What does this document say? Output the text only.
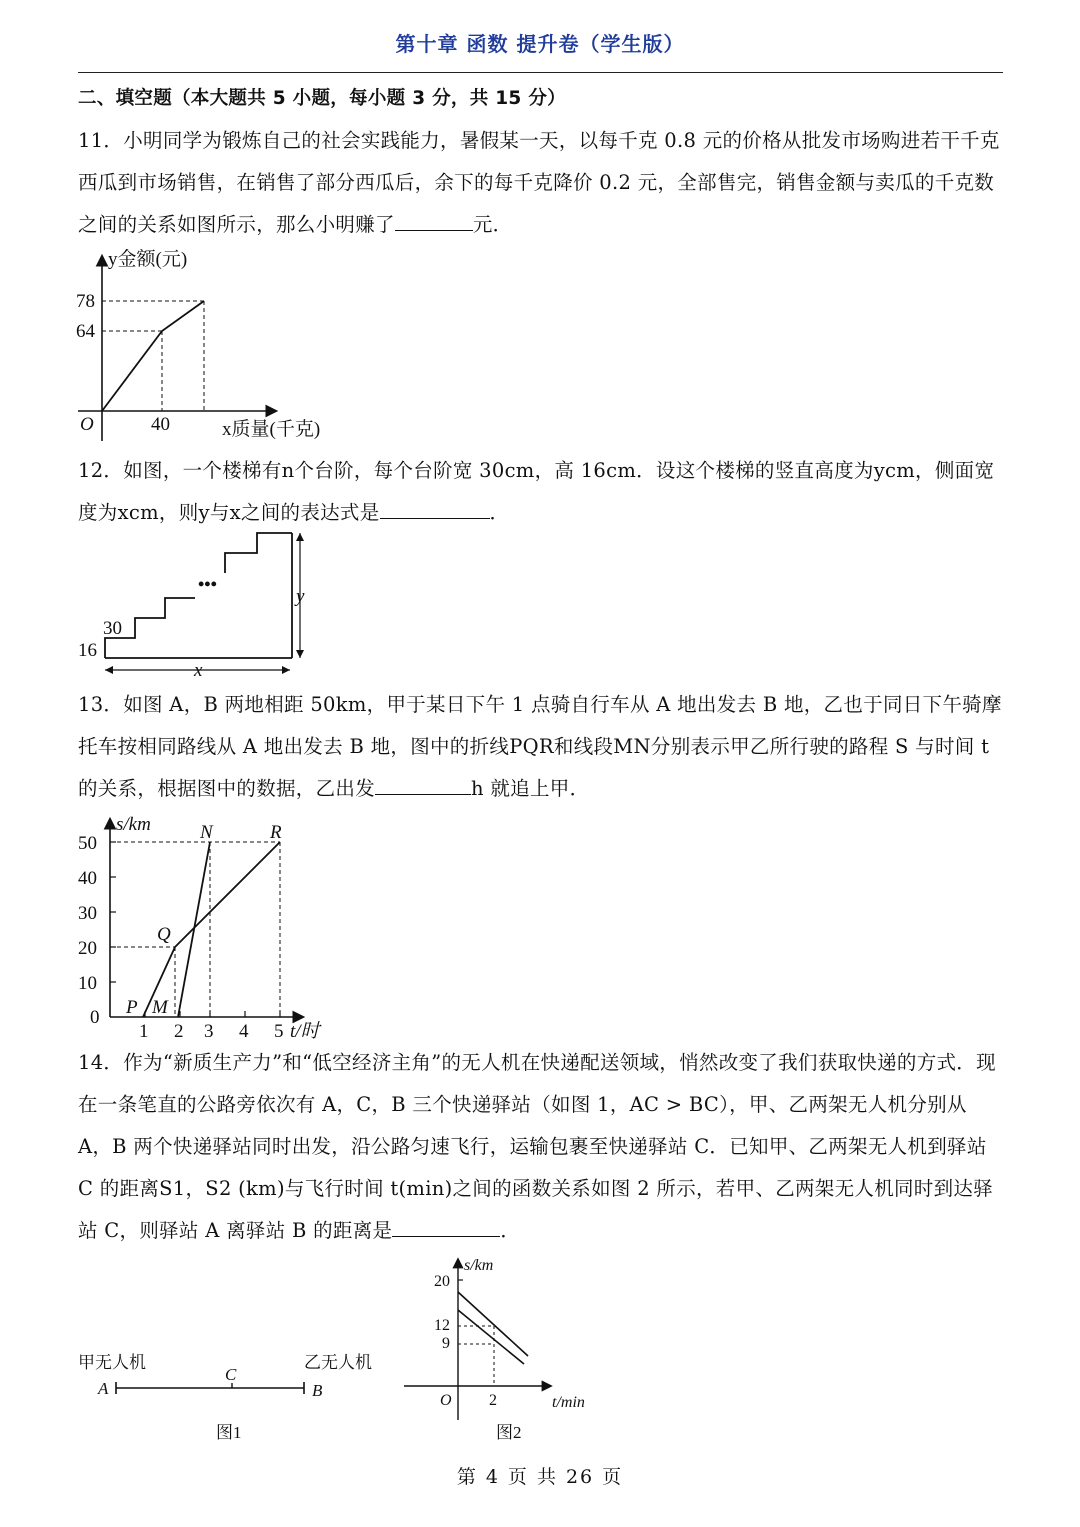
第十章 函数 提升卷（学生版）

二、填空题（本大题共 5 小题，每小题 3 分，共 15 分）

11．小明同学为锻炼自己的社会实践能力，暑假某一天，以每千克 0.8 元的价格从批发市场购进若干千克西瓜到市场销售，在销售了部分西瓜后，余下的每千克降价 0.2 元，全部售完，销售金额与卖瓜的千克数之间的关系如图所示，那么小明赚了	元．

y金额(元)
78
64
O	40	x质量(千克)

12．如图，一个楼梯有n个台阶，每个台阶宽 30cm，高 16cm．设这个楼梯的竖直高度为ycm，侧面宽度为xcm，则y与x之间的表达式是	．

•••
30
16
x
y

13．如图 A，B 两地相距 50km，甲于某日下午 1 点骑自行车从 A 地出发去 B 地，乙也于同日下午骑摩托车按相同路线从 A 地出发去 B 地，图中的折线PQR和线段MN分别表示甲乙所行驶的路程 S 与时间 t 的关系，根据图中的数据，乙出发	h 就追上甲．

s/km
50
40
30
20
10
0
1 2 3 4 5 t/时
P M
Q
N	R

14．作为“新质生产力”和“低空经济主角”的无人机在快递配送领域，悄然改变了我们获取快递的方式．现在一条笔直的公路旁依次有 A，C，B 三个快递驿站（如图 1，AC > BC），甲、乙两架无人机分别从 A，B 两个快递驿站同时出发，沿公路匀速飞行，运输包裹至快递驿站 C．已知甲、乙两架无人机到驿站 C 的距离S1，S2 (km)与飞行时间 t(min)之间的函数关系如图 2 所示，若甲、乙两架无人机同时到达驿站 C，则驿站 A 离驿站 B 的距离是	．

甲无人机	乙无人机
A
C
B
图1
s/km
20
12
9
O 2	t/min
图2
第 4 页 共 26 页
